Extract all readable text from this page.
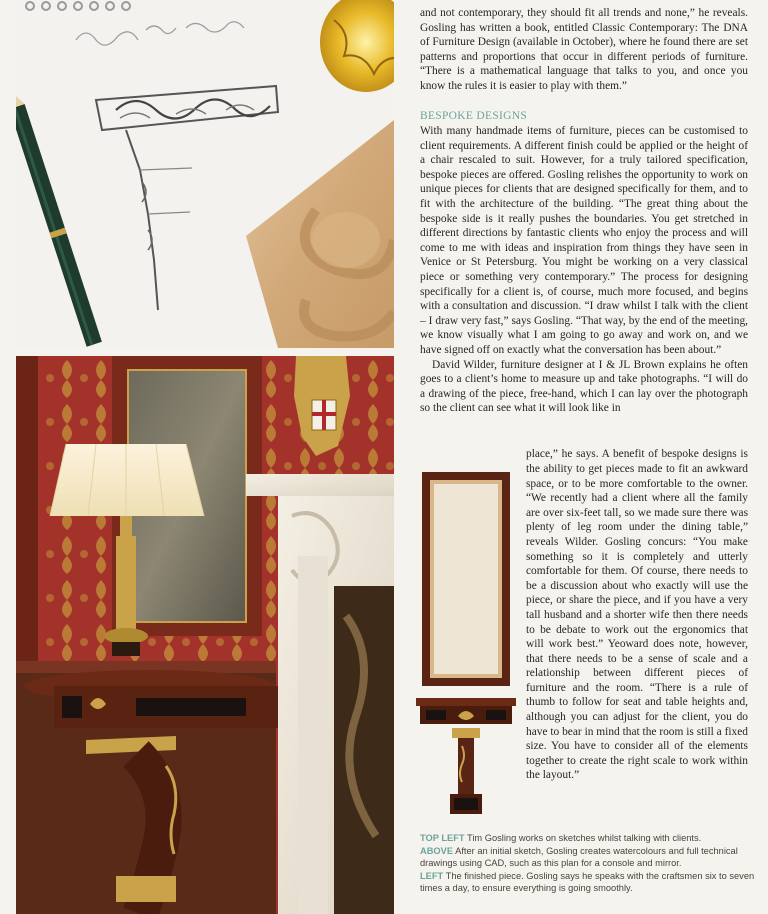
and not contemporary, they should fit all trends and none,” he reveals. Gosling has written a book, entitled Classic Contemporary: The DNA of Furniture Design (available in October), where he found there are set patterns and proportions that occur in different periods of furniture. “There is a mathematical language that talks to you, and once you know the rules it is easier to play with them.”

BESPOKE DESIGNS

With many handmade items of furniture, pieces can be customised to client requirements. A different finish could be applied or the height of a chair rescaled to suit. However, for a truly tailored specification, bespoke pieces are offered. Gosling relishes the opportunity to work on unique pieces for clients that are designed specifically for them, and to fit with the architecture of the building. “The great thing about the bespoke side is it really pushes the boundaries. You get stretched in different directions by fantastic clients who enjoy the process and will come to me with ideas and inspiration from things they have seen in Venice or St Petersburg. You might be working on a very classical piece or something very contemporary.” The process for designing specifically for a client is, of course, much more focused, and begins with a consultation and discussion. “I draw whilst I talk with the client – I draw very fast,” says Gosling. “That way, by the end of the meeting, we know visually what I am going to go away and work on, and we have signed off on exactly what the conversation has been about.”

David Wilder, furniture designer at I & JL Brown explains he often goes to a client’s home to measure up and take photographs. “I will do a drawing of the piece, free-hand, which I can lay over the photograph so the client can see what it will look like in

place,” he says. A benefit of bespoke designs is the ability to get pieces made to fit an awkward space, or to be more comfortable to the owner. “We recently had a client where all the family are over six-feet tall, so we made sure there was plenty of leg room under the dining table,” reveals Wilder. Gosling concurs: “You make something so it is completely and utterly comfortable for them. Of course, there needs to be a discussion about who exactly will use the piece, or share the piece, and if you have a very tall husband and a shorter wife then there needs to be debate to work out the ergonomics that will work best.” Yeoward does note, however, that there needs to be a sense of scale and a relationship between different pieces of furniture and the room. “There is a rule of thumb to follow for seat and table heights and, although you can adjust for the client, you do have to bear in mind that the room is still a fixed size. You have to consider all of the elements together to create the right scale to work within the layout.”

TOP LEFT Tim Gosling works on sketches whilst talking with clients.

ABOVE After an initial sketch, Gosling creates watercolours and full technical drawings using CAD, such as this plan for a console and mirror.

LEFT The finished piece. Gosling says he speaks with the craftsmen six to seven times a day, to ensure everything is going smoothly.
